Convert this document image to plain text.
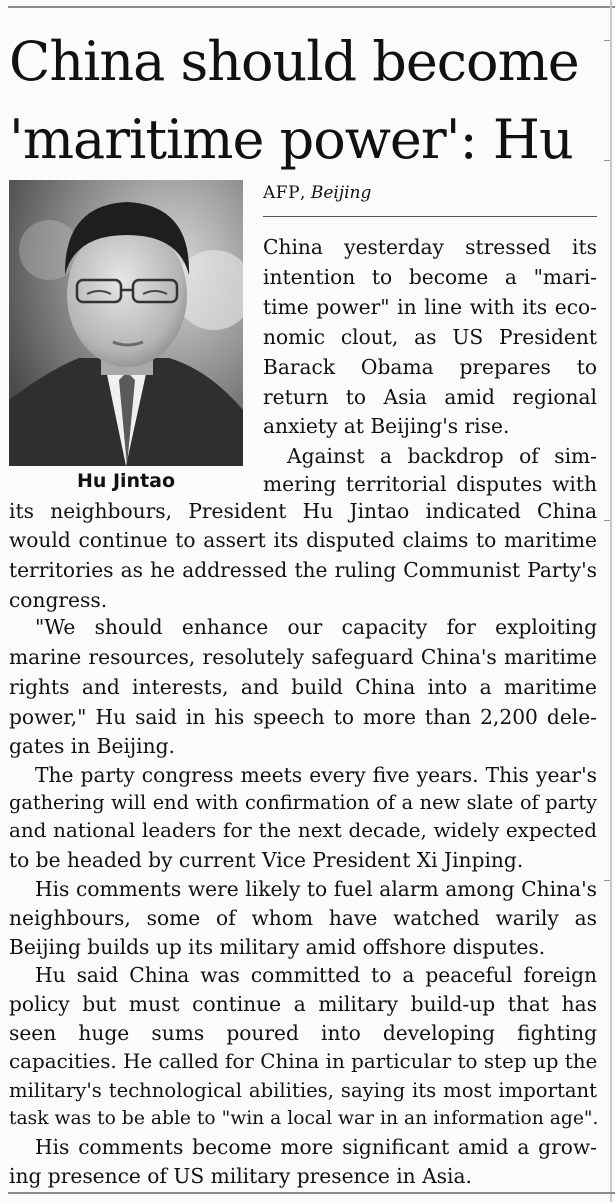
China should become
'maritime power': Hu
Hu Jintao
AFP, Beijing
China yesterday stressed its
intention to become a "mari-
time power" in line with its eco-
nomic clout, as US President
Barack Obama prepares to
return to Asia amid regional
anxiety at Beijing's rise.
Against a backdrop of sim-
mering territorial disputes with
its neighbours, President Hu Jintao indicated China
would continue to assert its disputed claims to maritime
territories as he addressed the ruling Communist Party's
congress.
"We should enhance our capacity for exploiting
marine resources, resolutely safeguard China's maritime
rights and interests, and build China into a maritime
power," Hu said in his speech to more than 2,200 dele-
gates in Beijing.
The party congress meets every five years. This year's
gathering will end with confirmation of a new slate of party
and national leaders for the next decade, widely expected
to be headed by current Vice President Xi Jinping.
His comments were likely to fuel alarm among China's
neighbours, some of whom have watched warily as
Beijing builds up its military amid offshore disputes.
Hu said China was committed to a peaceful foreign
policy but must continue a military build-up that has
seen huge sums poured into developing fighting
capacities. He called for China in particular to step up the
military's technological abilities, saying its most important
task was to be able to "win a local war in an information age".
His comments become more significant amid a grow-
ing presence of US military presence in Asia.
